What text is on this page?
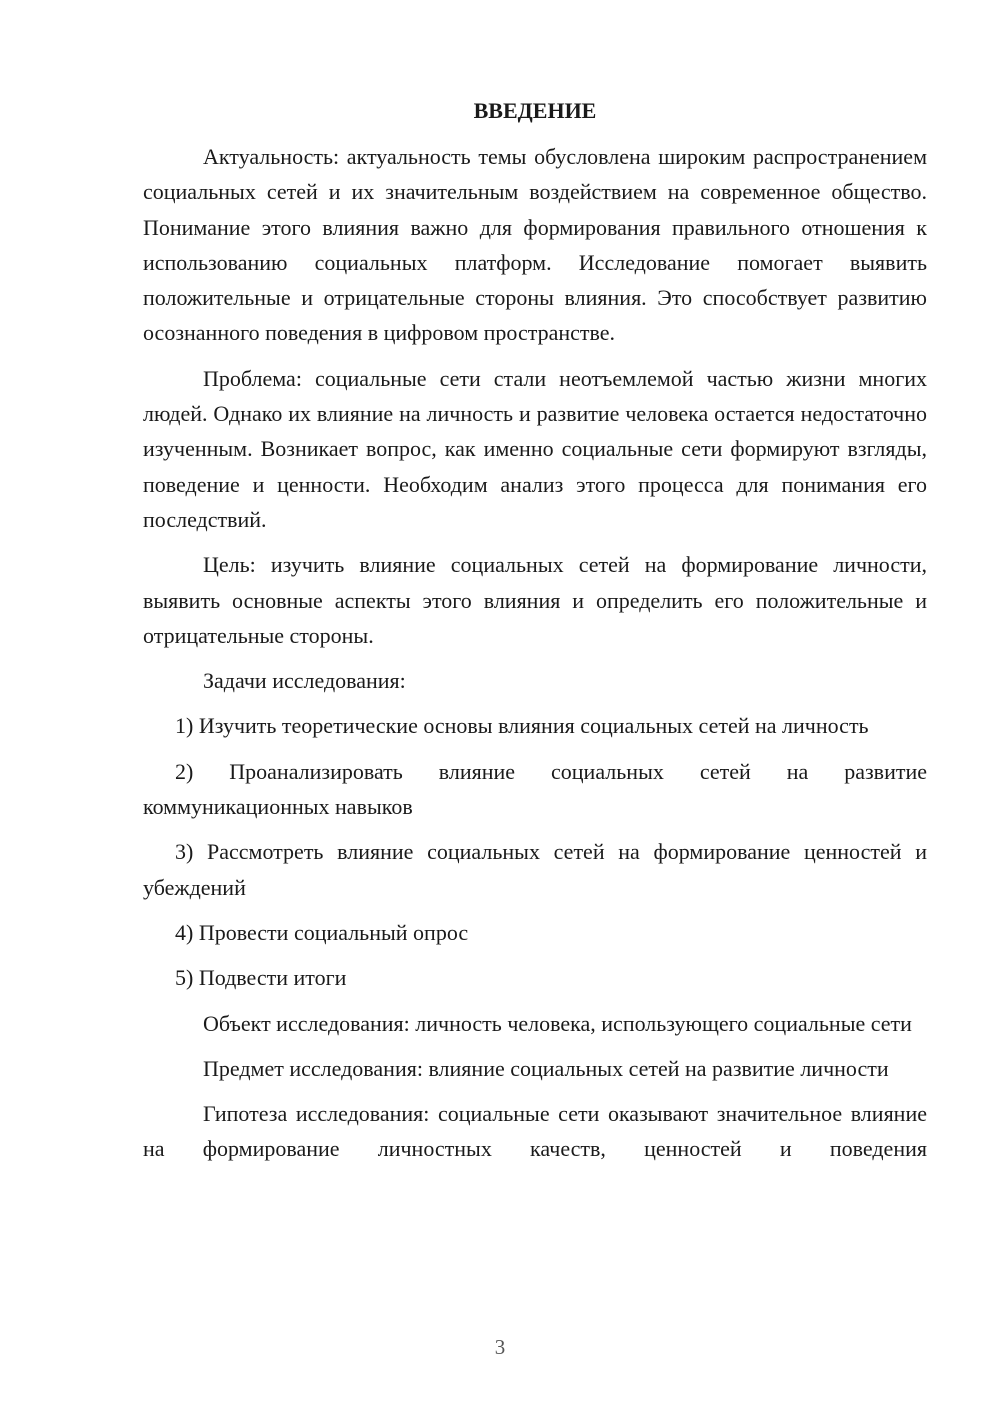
ВВЕДЕНИЕ

Актуальность: актуальность темы обусловлена широким распространением социальных сетей и их значительным воздействием на современное общество. Понимание этого влияния важно для формирования правильного отношения к использованию социальных платформ. Исследование помогает выявить положительные и отрицательные стороны влияния. Это способствует развитию осознанного поведения в цифровом пространстве.

Проблема: социальные сети стали неотъемлемой частью жизни многих людей. Однако их влияние на личность и развитие человека остается недостаточно изученным. Возникает вопрос, как именно социальные сети формируют взгляды, поведение и ценности. Необходим анализ этого процесса для понимания его последствий.

Цель: изучить влияние социальных сетей на формирование личности, выявить основные аспекты этого влияния и определить его положительные и отрицательные стороны.

Задачи исследования:

1) Изучить теоретические основы влияния социальных сетей на личность

2) Проанализировать влияние социальных сетей на развитие коммуникационных навыков

3) Рассмотреть влияние социальных сетей на формирование ценностей и убеждений

4) Провести социальный опрос

5) Подвести итоги

Объект исследования: личность человека, использующего социальные сети

Предмет исследования: влияние социальных сетей на развитие личности

Гипотеза исследования: социальные сети оказывают значительное влияние на формирование личностных качеств, ценностей и поведения

3
